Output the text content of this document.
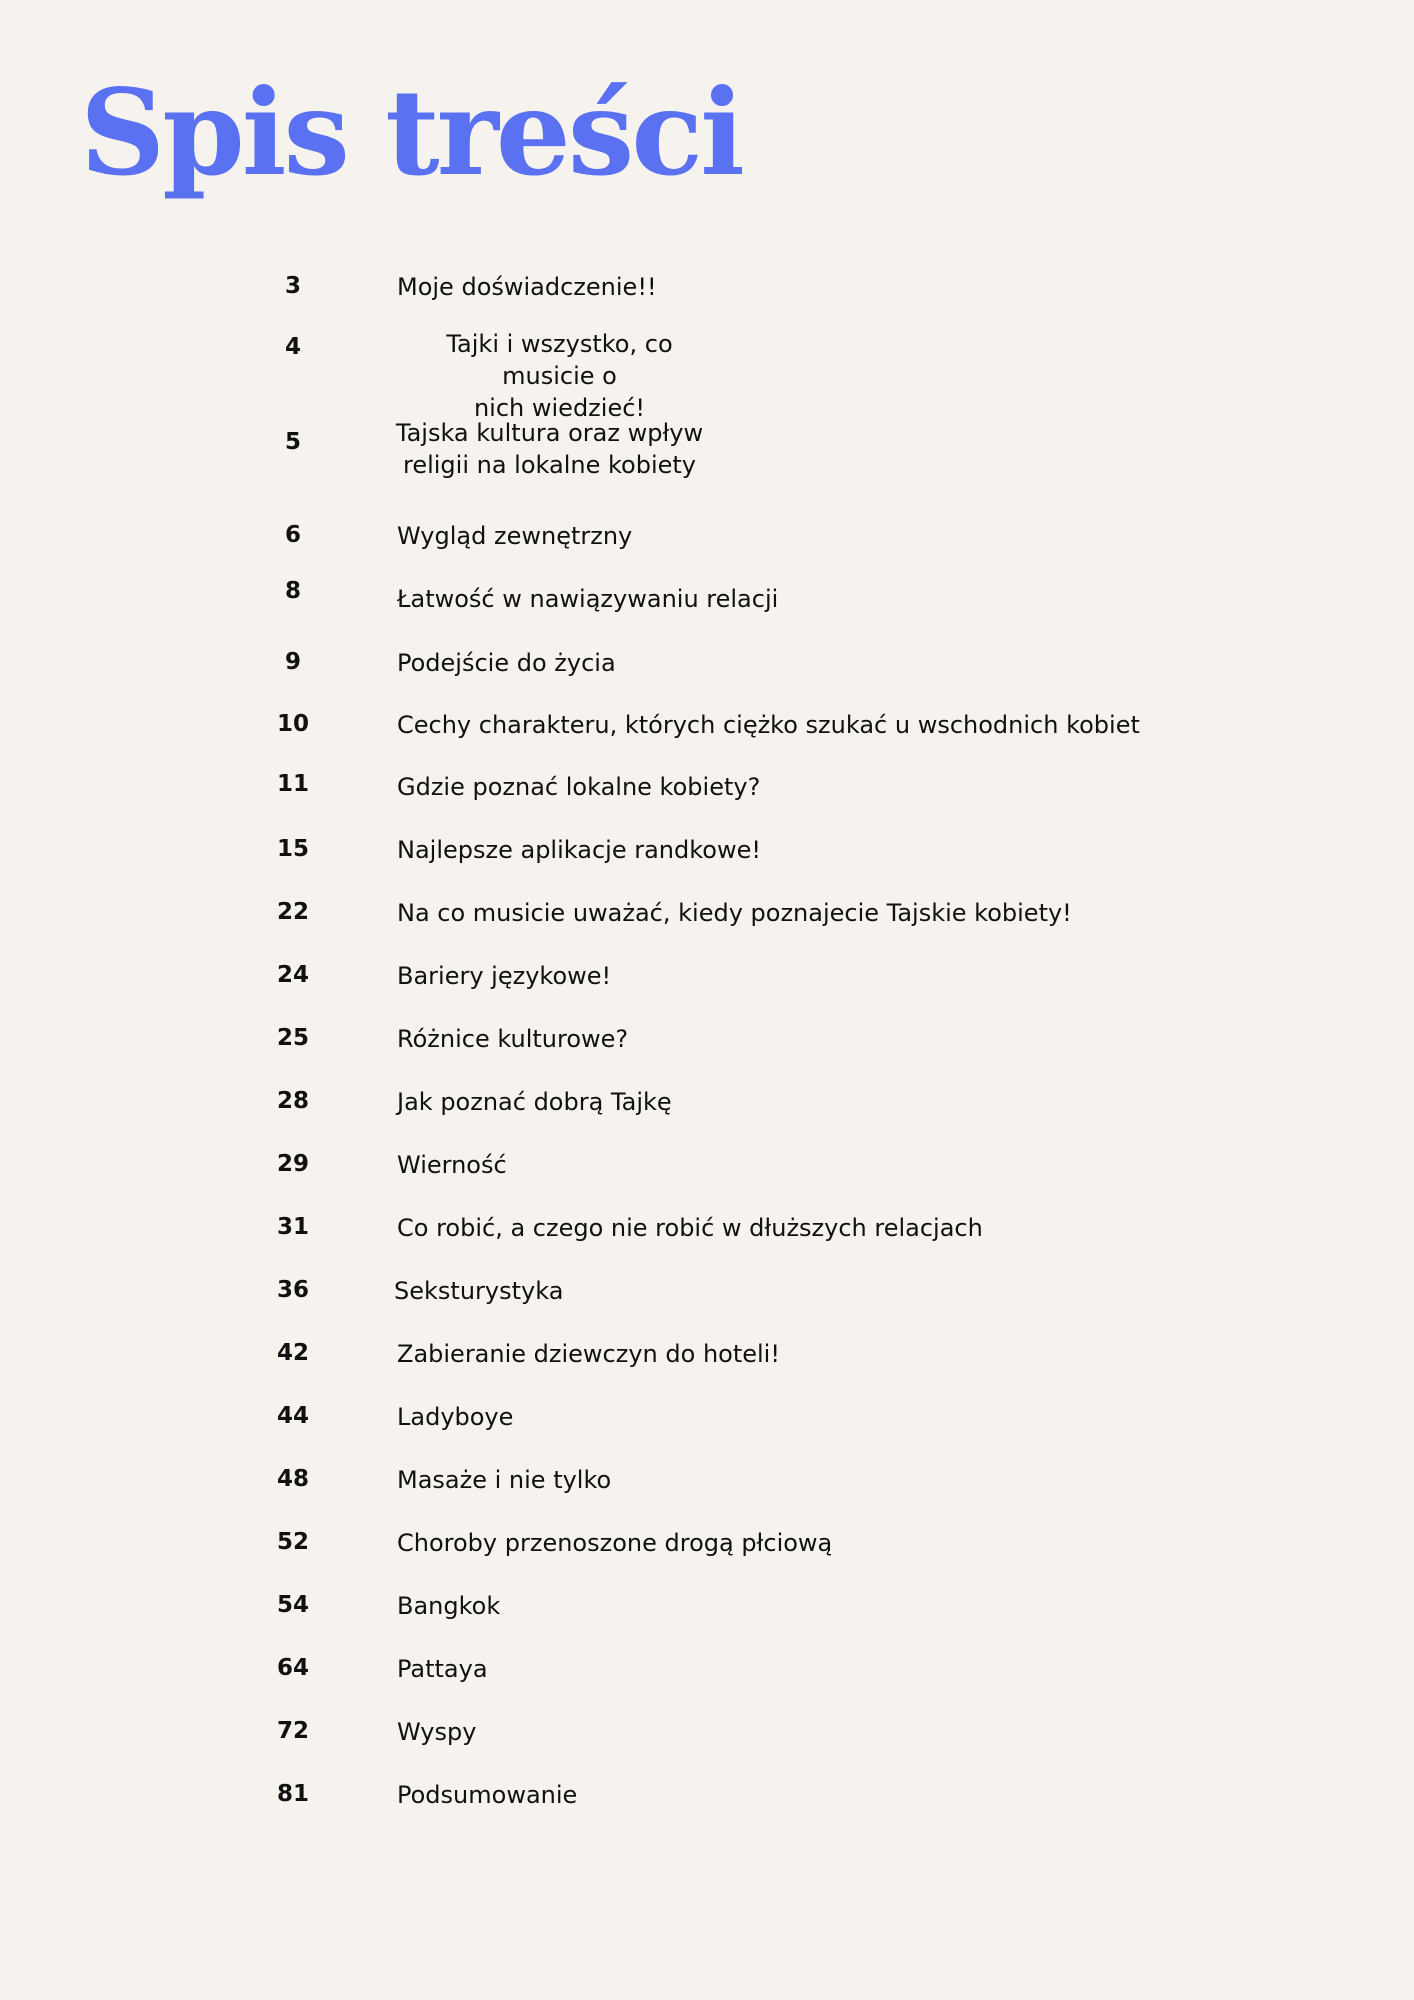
Spis treści
3	Moje doświadczenie!!
4	Tajki i wszystko, co musicie o
nich wiedzieć!
5	Tajska kultura oraz wpływ
religii na lokalne kobiety
6	Wygląd zewnętrzny
8	Łatwość w nawiązywaniu relacji
9	Podejście do życia
10	Cechy charakteru, których ciężko szukać u wschodnich kobiet
11	Gdzie poznać lokalne kobiety?
15	Najlepsze aplikacje randkowe!
22	Na co musicie uważać, kiedy poznajecie Tajskie kobiety!
24	Bariery językowe!
25	Różnice kulturowe?
28	Jak poznać dobrą Tajkę
29	Wierność
31	Co robić, a czego nie robić w dłuższych relacjach
36	Seksturystyka
42	Zabieranie dziewczyn do hoteli!
44	Ladyboye
48	Masaże i nie tylko
52	Choroby przenoszone drogą płciową
54	Bangkok
64	Pattaya
72	Wyspy
81	Podsumowanie
